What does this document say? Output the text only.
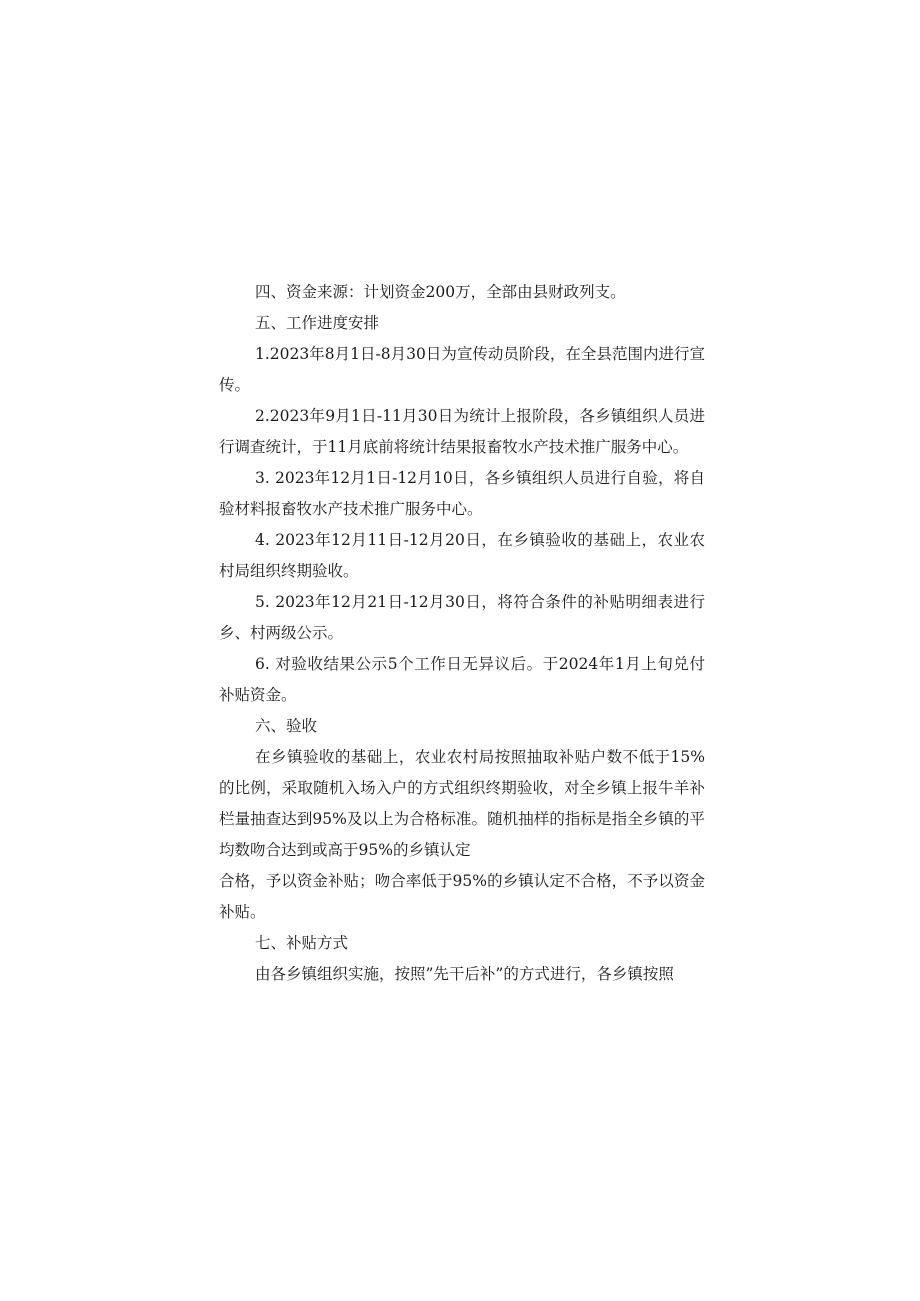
四、资金来源：计划资金200万，全部由县财政列支。

五、工作进度安排

1.2023年8月1日-8月30日为宣传动员阶段，在全县范围内进行宣传。

2.2023年9月1日-11月30日为统计上报阶段，各乡镇组织人员进行调查统计，于11月底前将统计结果报畜牧水产技术推广服务中心。

3. 2023年12月1日-12月10日，各乡镇组织人员进行自验，将自验材料报畜牧水产技术推广服务中心。

4. 2023年12月11日-12月20日，在乡镇验收的基础上，农业农村局组织终期验收。

5. 2023年12月21日-12月30日，将符合条件的补贴明细表进行乡、村两级公示。

6. 对验收结果公示5个工作日无异议后。于2024年1月上旬兑付补贴资金。

六、验收

在乡镇验收的基础上，农业农村局按照抽取补贴户数不低于15%的比例，采取随机入场入户的方式组织终期验收，对全乡镇上报牛羊补栏量抽查达到95%及以上为合格标准。随机抽样的指标是指全乡镇的平均数吻合达到或高于95%的乡镇认定

合格，予以资金补贴；吻合率低于95%的乡镇认定不合格，不予以资金补贴。

七、补贴方式

由各乡镇组织实施，按照”先干后补”的方式进行，各乡镇按照
